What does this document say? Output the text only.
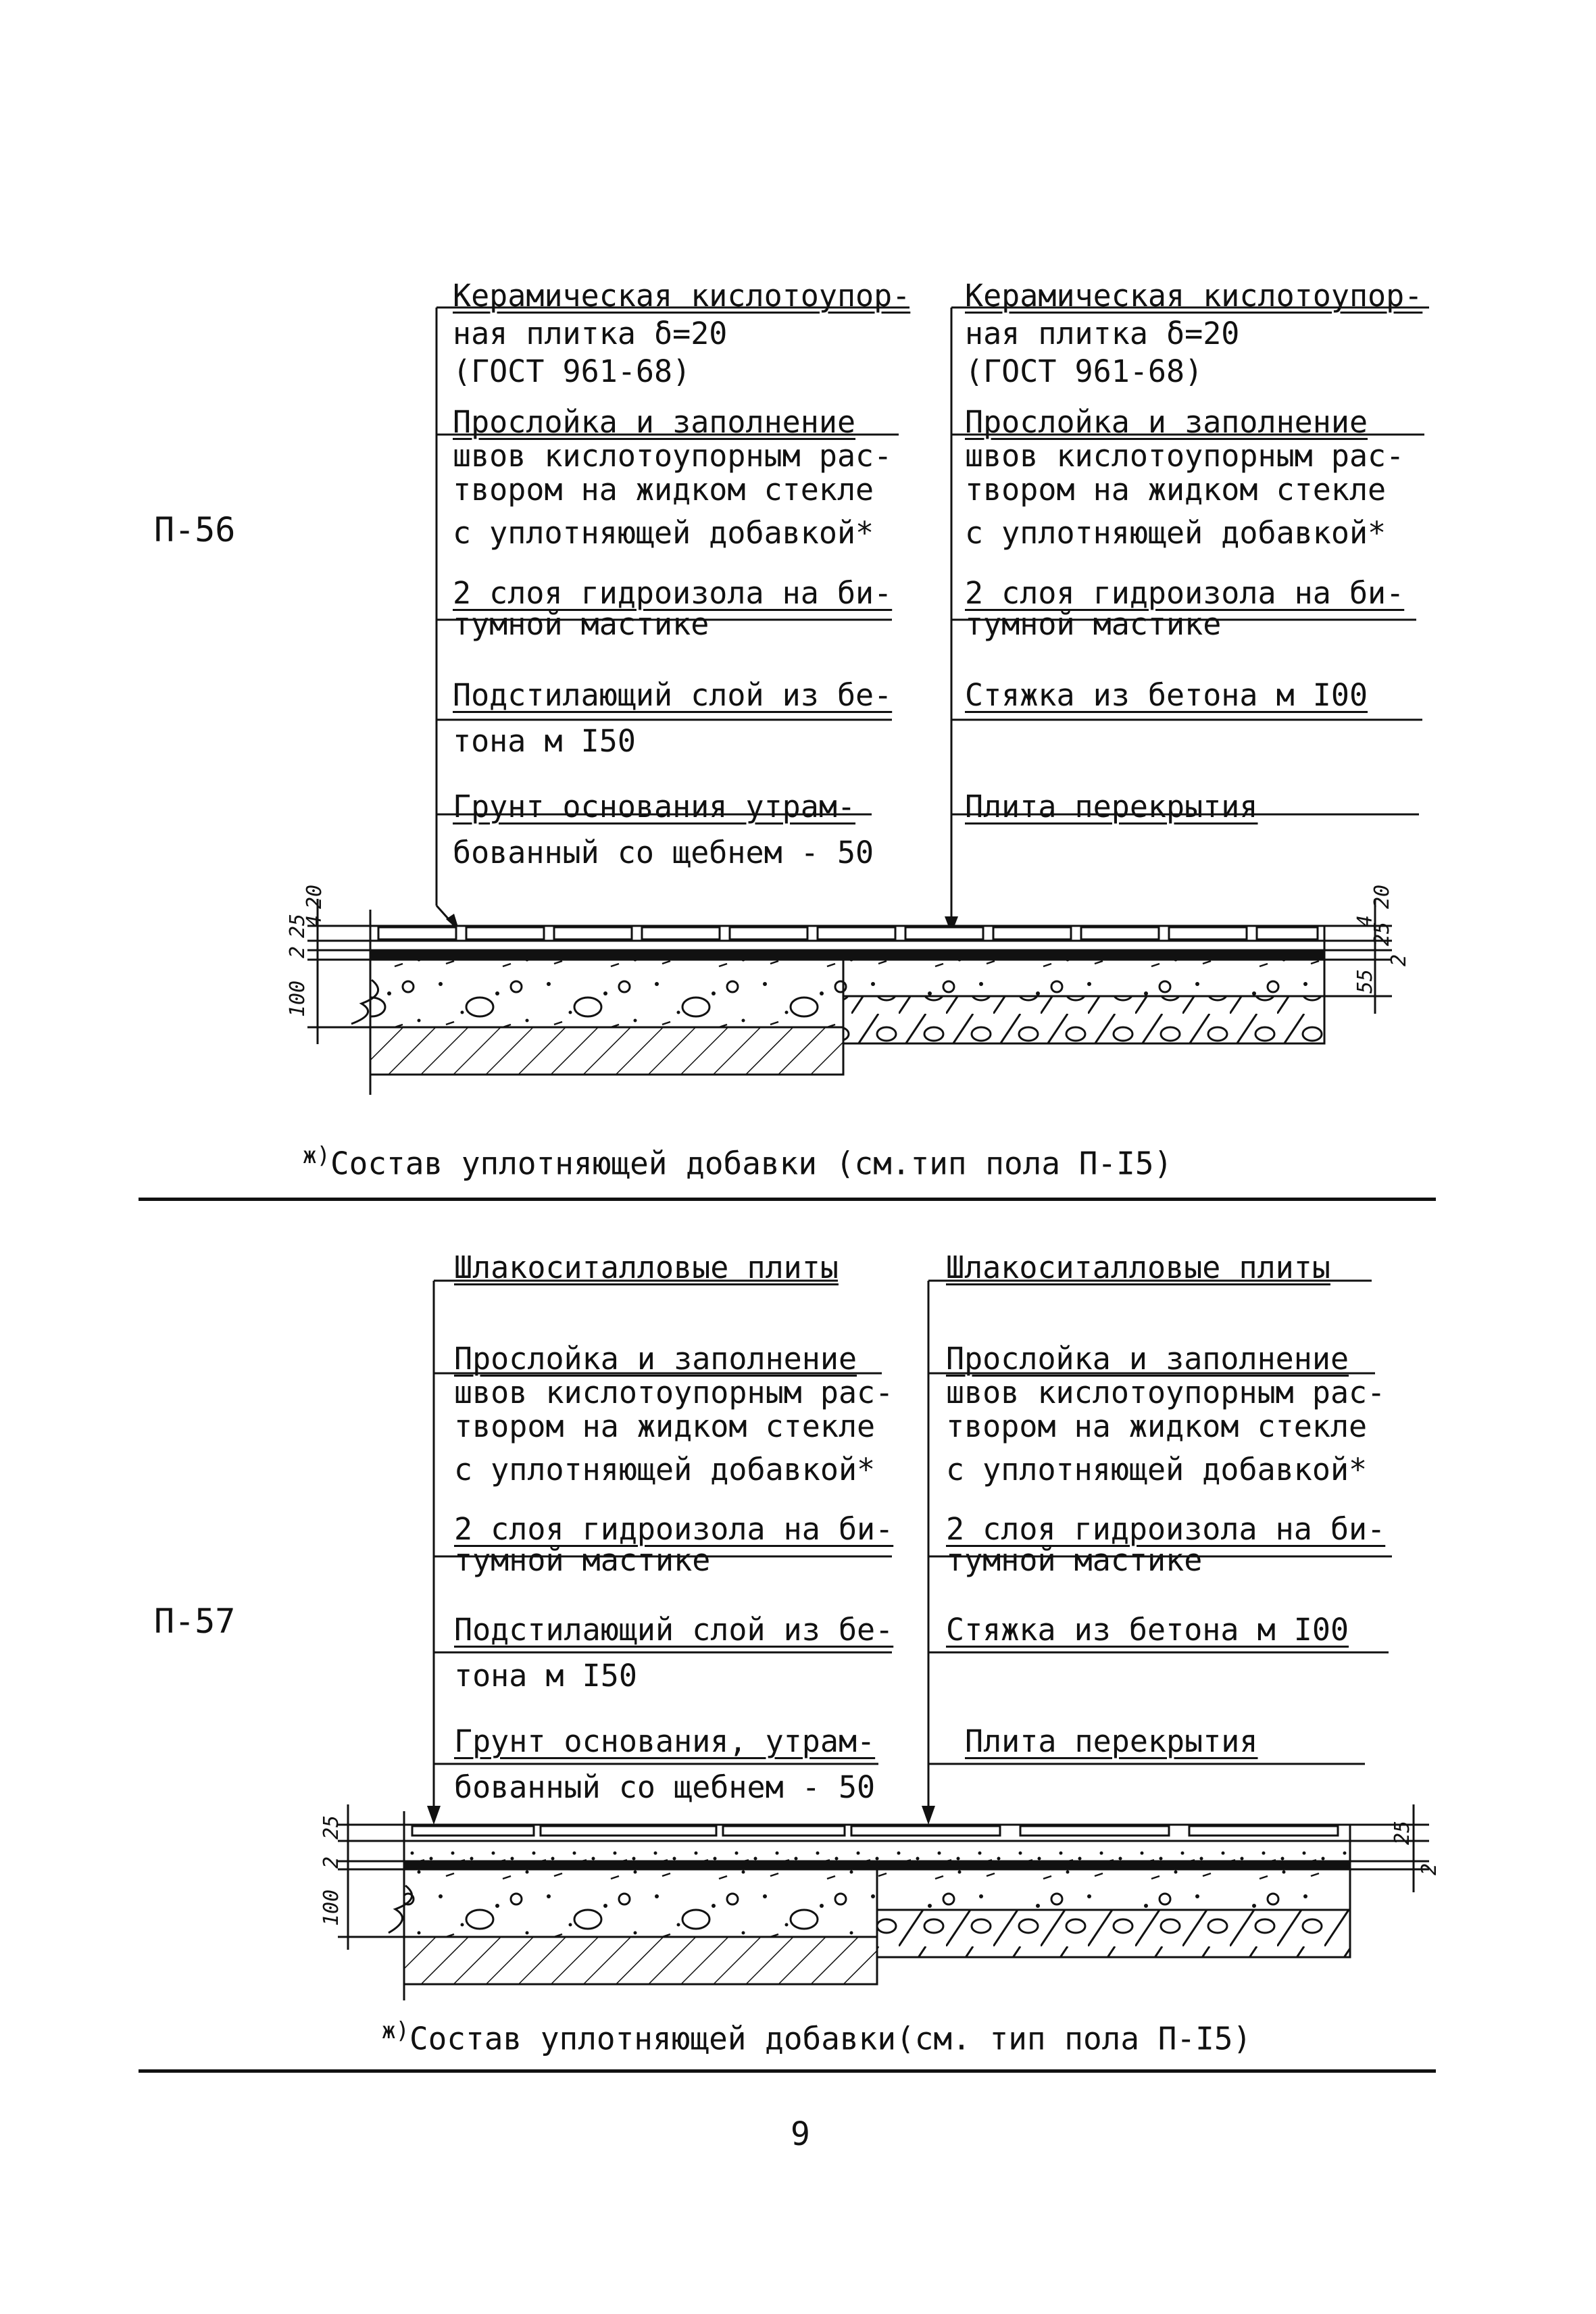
П-56
Керамическая кислотоупор-
ная плитка δ=20
(ГОСТ 961-68)
Прослойка и заполнение
швов кислотоупорным рас-
твором на жидком стекле
с уплотняющей добавкой*
2 слоя гидроизола на би-
тумной мастике
Подстилающий слой из бе-
тона м I50
Грунт основания утрам-
бованный со щебнем - 50
Керамическая кислотоупор-
ная плитка δ=20
(ГОСТ 961-68)
Прослойка и заполнение
швов кислотоупорным рас-
твором на жидком стекле
с уплотняющей добавкой*
2 слоя гидроизола на би-
тумной мастике
Стяжка из бетона м I00
Плита перекрытия
100
2
25
4
20	20
4
25
55
2
$^{ж)}$Состав уплотняющей добавки (см.тип пола П-I5)
П-57
Шлакоситалловые плиты
Прослойка и заполнение
швов кислотоупорным рас-
твором на жидком стекле
с уплотняющей добавкой*
2 слоя гидроизола на би-
тумной мастике
Подстилающий слой из бе-
тона м I50
Грунт основания, утрам-
бованный со щебнем - 50
Шлакоситалловые плиты
Прослойка и заполнение
швов кислотоупорным рас-
твором на жидком стекле
с уплотняющей добавкой*
2 слоя гидроизола на би-
тумной мастике
Стяжка из бетона м I00
Плита перекрытия
100
2
25	25
2
$^{ж)}$Состав уплотняющей добавки(см. тип пола П-I5)
9
